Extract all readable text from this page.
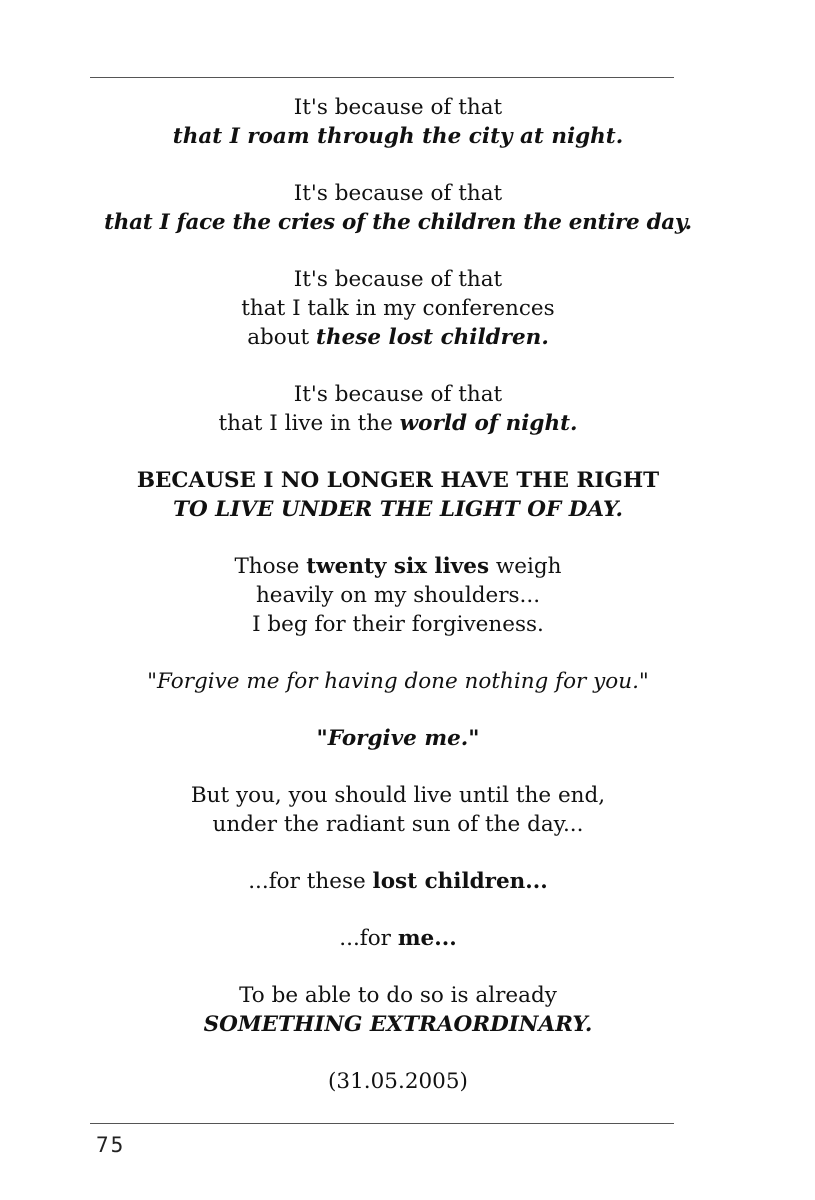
It's because of that
that I roam through the city at night.
It's because of that
that I face the cries of the children the entire day.
It's because of that
that I talk in my conferences
about these lost children.
It's because of that
that I live in the world of night.
BECAUSE I NO LONGER HAVE THE RIGHT
TO LIVE UNDER THE LIGHT OF DAY.
Those twenty six lives weigh
heavily on my shoulders...
I beg for their forgiveness.
"Forgive me for having done nothing for you."
"Forgive me."
But you, you should live until the end,
under the radiant sun of the day...
...for these lost children...
...for me...
To be able to do so is already
SOMETHING EXTRAORDINARY.
(31.05.2005)
75
